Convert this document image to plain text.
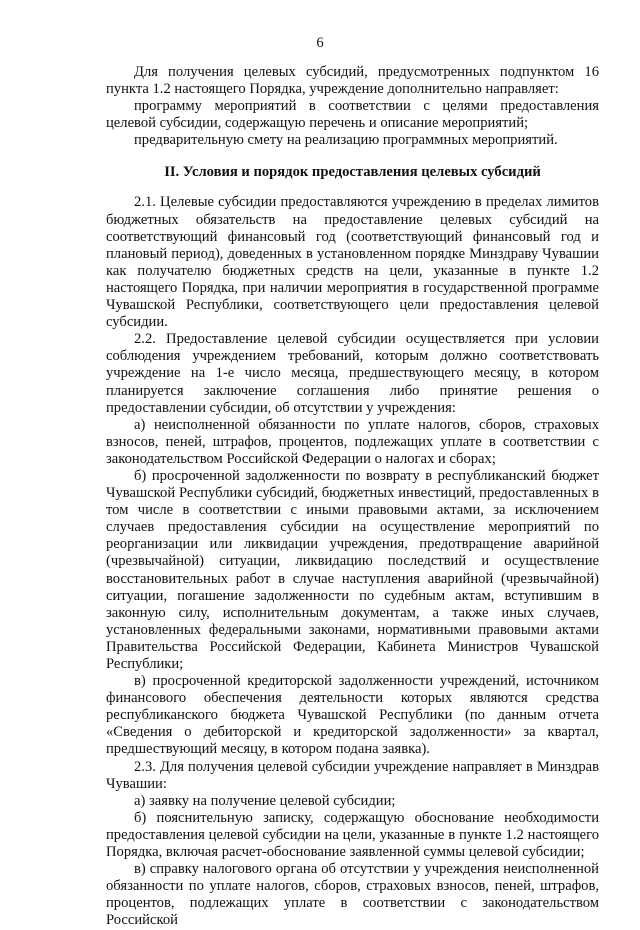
6

Для получения целевых субсидий, предусмотренных подпунктом 16 пункта 1.2 настоящего Порядка, учреждение дополнительно направляет:

программу мероприятий в соответствии с целями предоставления целевой субсидии, содержащую перечень и описание мероприятий;

предварительную смету на реализацию программных мероприятий.

II. Условия и порядок предоставления целевых субсидий

2.1. Целевые субсидии предоставляются учреждению в пределах лимитов бюджетных обязательств на предоставление целевых субсидий на соответствующий финансовый год (соответствующий финансовый год и плановый период), доведенных в установленном порядке Минздраву Чувашии как получателю бюджетных средств на цели, указанные в пункте 1.2 настоящего Порядка, при наличии мероприятия в государственной программе Чувашской Республики, соответствующего цели предоставления целевой субсидии.

2.2. Предоставление целевой субсидии осуществляется при условии соблюдения учреждением требований, которым должно соответствовать учреждение на 1-е число месяца, предшествующего месяцу, в котором планируется заключение соглашения либо принятие решения о предоставлении субсидии, об отсутствии у учреждения:

а) неисполненной обязанности по уплате налогов, сборов, страховых взносов, пеней, штрафов, процентов, подлежащих уплате в соответствии с законодательством Российской Федерации о налогах и сборах;

б) просроченной задолженности по возврату в республиканский бюджет Чувашской Республики субсидий, бюджетных инвестиций, предоставленных в том числе в соответствии с иными правовыми актами, за исключением случаев предоставления субсидии на осуществление мероприятий по реорганизации или ликвидации учреждения, предотвращение аварийной (чрезвычайной) ситуации, ликвидацию последствий и осуществление восстановительных работ в случае наступления аварийной (чрезвычайной) ситуации, погашение задолженности по судебным актам, вступившим в законную силу, исполнительным документам, а также иных случаев, установленных федеральными законами, нормативными правовыми актами Правительства Российской Федерации, Кабинета Министров Чувашской Республики;

в) просроченной кредиторской задолженности учреждений, источником финансового обеспечения деятельности которых являются средства республиканского бюджета Чувашской Республики (по данным отчета «Сведения о дебиторской и кредиторской задолженности» за квартал, предшествующий месяцу, в котором подана заявка).

2.3. Для получения целевой субсидии учреждение направляет в Минздрав Чувашии:

а) заявку на получение целевой субсидии;

б) пояснительную записку, содержащую обоснование необходимости предоставления целевой субсидии на цели, указанные в пункте 1.2 настоящего Порядка, включая расчет-обоснование заявленной суммы целевой субсидии;

в) справку налогового органа об отсутствии у учреждения неисполненной обязанности по уплате налогов, сборов, страховых взносов, пеней, штрафов, процентов, подлежащих уплате в соответствии с законодательством Российской
